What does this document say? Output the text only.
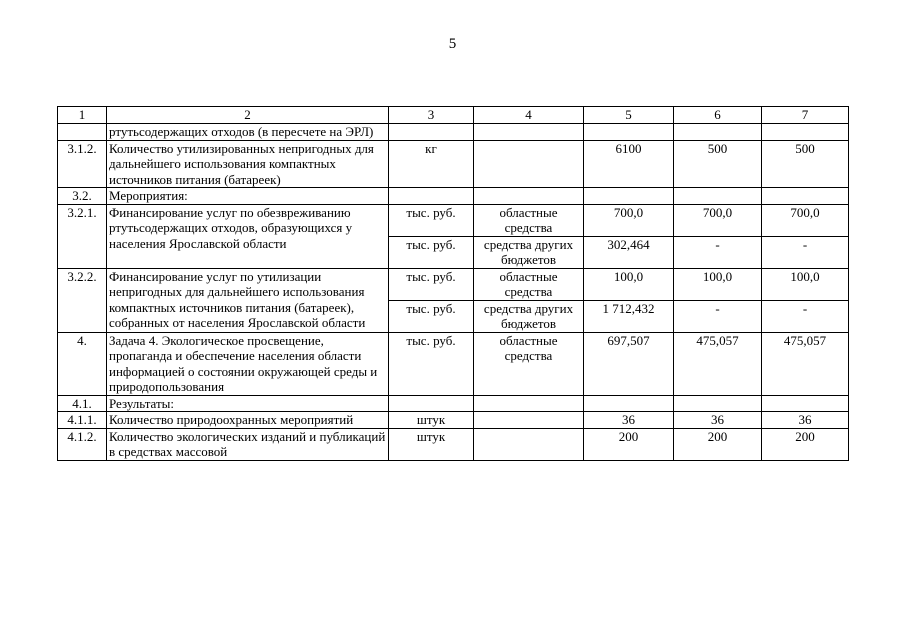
5
1	2	3	4	5	6	7
	ртутьсодержащих отходов (в пересчете на ЭРЛ)					
3.1.2.	Количество утилизированных непригодных для дальнейшего использования компактных источников питания (батареек)	кг		6100	500	500
3.2.	Мероприятия:					
3.2.1.	Финансирование услуг по обезвреживанию ртутьсодержащих отходов, образующихся у населения Ярославской области	тыс. руб.	областные средства	700,0	700,0	700,0
		тыс. руб.	средства других бюджетов	302,464	-	-
3.2.2.	Финансирование услуг по утилизации непригодных для дальнейшего использования компактных источников питания (батареек), собранных от населения Ярославской области	тыс. руб.	областные средства	100,0	100,0	100,0
		тыс. руб.	средства других бюджетов	1 712,432	-	-
4.	Задача 4. Экологическое просвещение, пропаганда и обеспечение населения области информацией о состоянии окружающей среды и природопользования	тыс. руб.	областные средства	697,507	475,057	475,057
4.1.	Результаты:					
4.1.1.	Количество природоохранных мероприятий	штук		36	36	36
4.1.2.	Количество экологических изданий и публикаций в средствах массовой	штук		200	200	200
